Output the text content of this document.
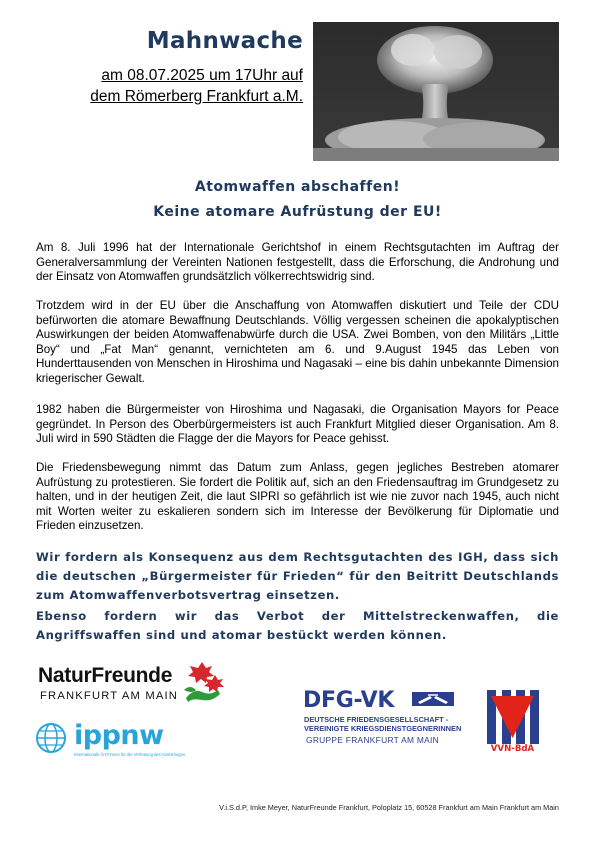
Mahnwache
am 08.07.2025 um 17Uhr auf
dem Römerberg Frankfurt a.M.
Atomwaffen abschaffen!
Keine atomare Aufrüstung der EU!

Am 8. Juli 1996 hat der Internationale Gerichtshof in einem Rechtsgutachten im Auftrag der Generalversammlung der Vereinten Nationen festgestellt, dass die Erforschung, die Androhung und der Einsatz von Atomwaffen grundsätzlich völkerrechtswidrig sind.

Trotzdem wird in der EU über die Anschaffung von Atomwaffen diskutiert und Teile der CDU befürworten die atomare Bewaffnung Deutschlands. Völlig vergessen scheinen die apokalyptischen Auswirkungen der beiden Atomwaffenabwürfe durch die USA. Zwei Bomben, von den Militärs „Little Boy“ und „Fat Man“ genannt, vernichteten am 6. und 9.August 1945 das Leben von Hunderttausenden von Menschen in Hiroshima und Nagasaki – eine bis dahin unbekannte Dimension kriegerischer Gewalt.

1982 haben die Bürgermeister von Hiroshima und Nagasaki, die Organisation Mayors for Peace gegründet. In Person des Oberbürgermeisters ist auch Frankfurt Mitglied dieser Organisation. Am 8. Juli wird in 590 Städten die Flagge der die Mayors for Peace gehisst.

Die Friedensbewegung nimmt das Datum zum Anlass, gegen jegliches Bestreben atomarer Aufrüstung zu protestieren. Sie fordert die Politik auf, sich an den Friedensauftrag im Grundgesetz zu halten, und in der heutigen Zeit, die laut SIPRI so gefährlich ist wie nie zuvor nach 1945, auch nicht mit Worten weiter zu eskalieren sondern sich im Interesse der Bevölkerung für Diplomatie und Frieden einzusetzen.

Wir fordern als Konsequenz aus dem Rechtsgutachten des IGH, dass sich die deutschen „Bürgermeister für Frieden“ für den Beitritt Deutschlands zum Atomwaffenverbotsvertrag einsetzen.

Ebenso fordern wir das Verbot der Mittelstreckenwaffen, die Angriffswaffen sind und atomar bestückt werden können.

NaturFreunde
FRANKFURT AM MAIN
ippnw
Internationale Ärzt*innen für die Verhütung des Atomkrieges
DFG-VK
DEUTSCHE FRIEDENSGESELLSCHAFT -
VEREINIGTE KRIEGSDIENSTGEGNERINNEN
GRUPPE FRANKFURT AM MAIN
VVN-BdA
V.i.S.d.P, Imke Meyer, NaturFreunde Frankfurt, Poloplatz 15, 60528 Frankfurt am Main Frankfurt am Main
